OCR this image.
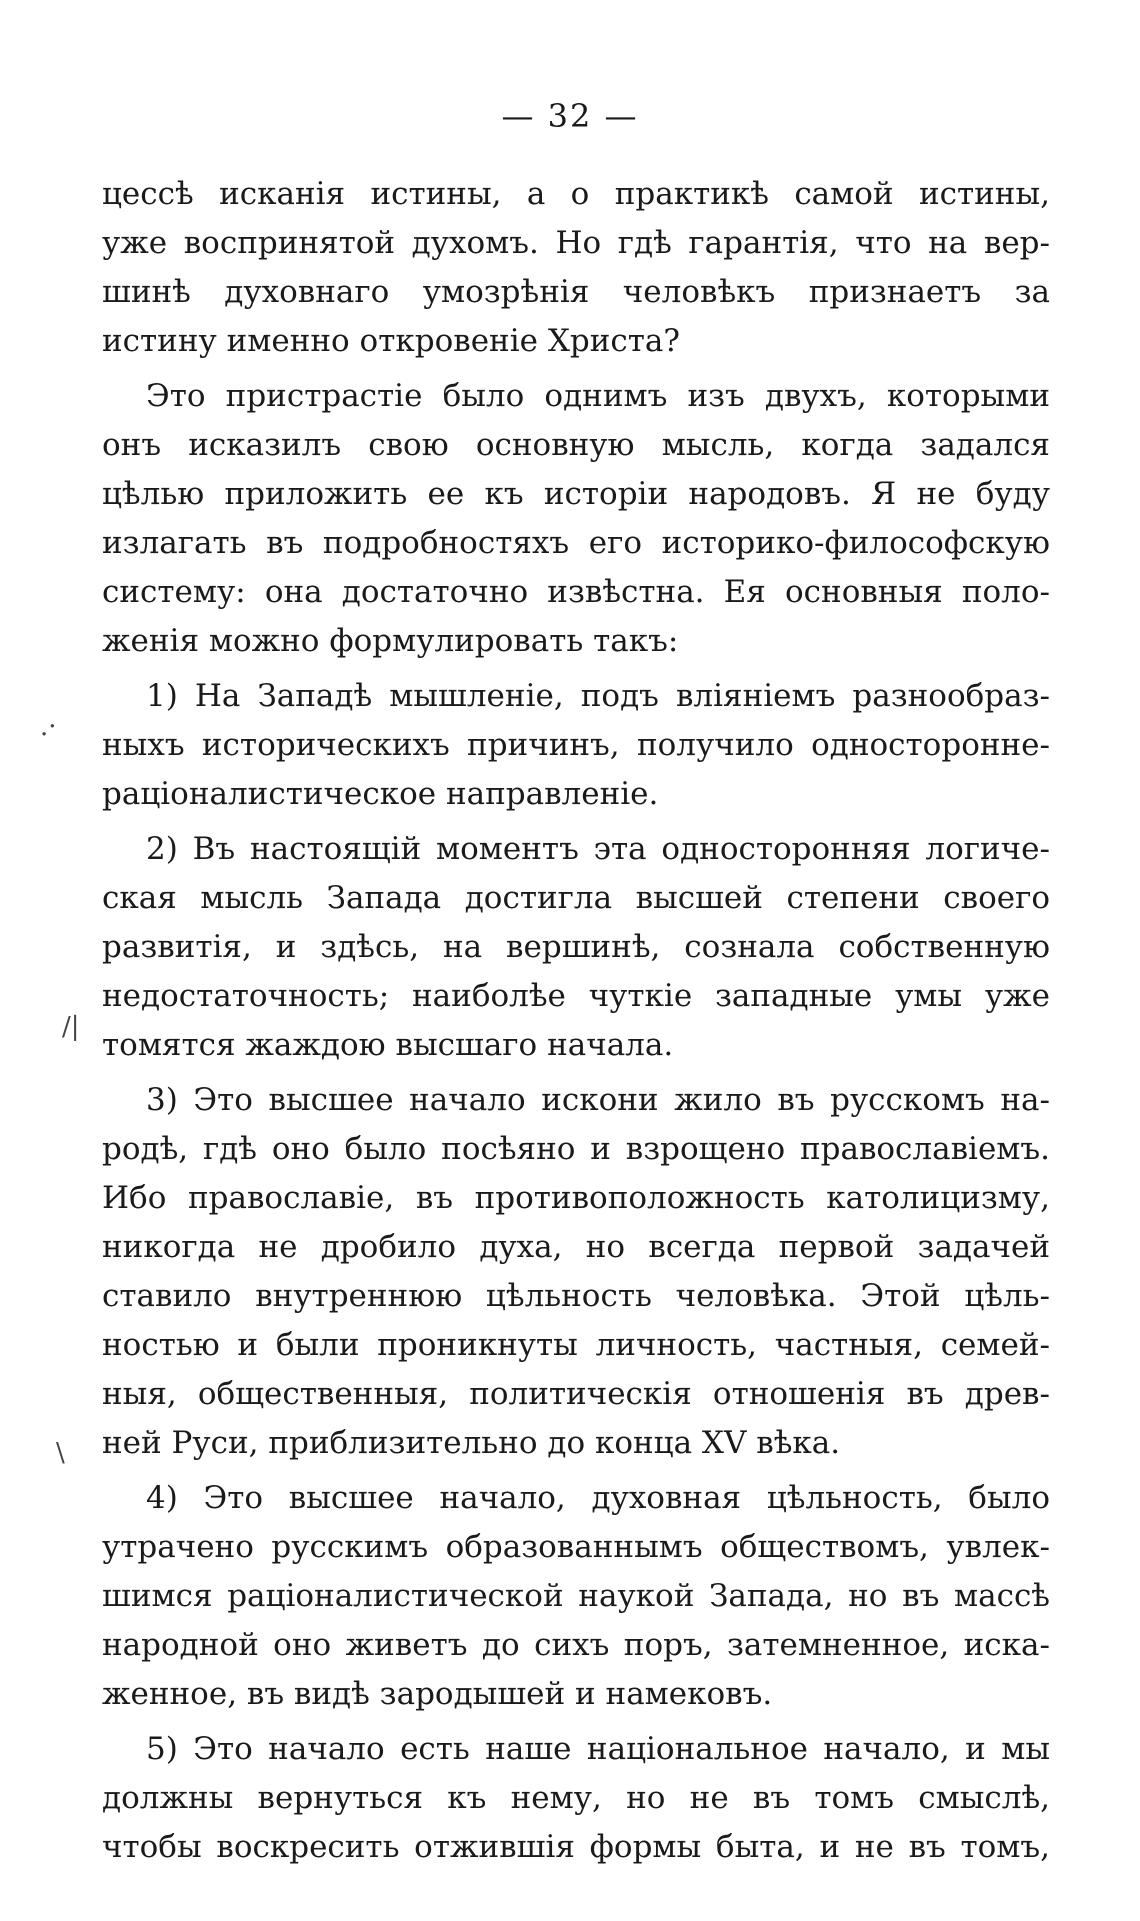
— 32 —
.·
/|
\
цессѣ исканія истины, а о практикѣ самой истины,
уже воспринятой духомъ. Но гдѣ гарантія, что на вер-
шинѣ духовнаго умозрѣнія человѣкъ признаетъ за
истину именно откровеніе Христа?
Это пристрастіе было однимъ изъ двухъ, которыми
онъ исказилъ свою основную мысль, когда задался
цѣлью приложить ее къ исторіи народовъ. Я не буду
излагать въ подробностяхъ его историко-философскую
систему: она достаточно извѣстна. Ея основныя поло-
женія можно формулировать такъ:
1) На Западѣ мышленіе, подъ вліяніемъ разнообраз-
ныхъ историческихъ причинъ, получило односторонне-
раціоналистическое направленіе.
2) Въ настоящій моментъ эта односторонняя логиче-
ская мысль Запада достигла высшей степени своего
развитія, и здѣсь, на вершинѣ, сознала собственную
недостаточность; наиболѣе чуткіе западные умы уже
томятся жаждою высшаго начала.
3) Это высшее начало искони жило въ русскомъ на-
родѣ, гдѣ оно было посѣяно и взрощено православіемъ.
Ибо православіе, въ противоположность католицизму,
никогда не дробило духа, но всегда первой задачей
ставило внутреннюю цѣльность человѣка. Этой цѣль-
ностью и были проникнуты личность, частныя, семей-
ныя, общественныя, политическія отношенія въ древ-
ней Руси, приблизительно до конца XV вѣка.
4) Это высшее начало, духовная цѣльность, было
утрачено русскимъ образованнымъ обществомъ, увлек-
шимся раціоналистической наукой Запада, но въ массѣ
народной оно живетъ до сихъ поръ, затемненное, иска-
женное, въ видѣ зародышей и намековъ.
5) Это начало есть наше національное начало, и мы
должны вернуться къ нему, но не въ томъ смыслѣ,
чтобы воскресить отжившія формы быта, и не въ томъ,
